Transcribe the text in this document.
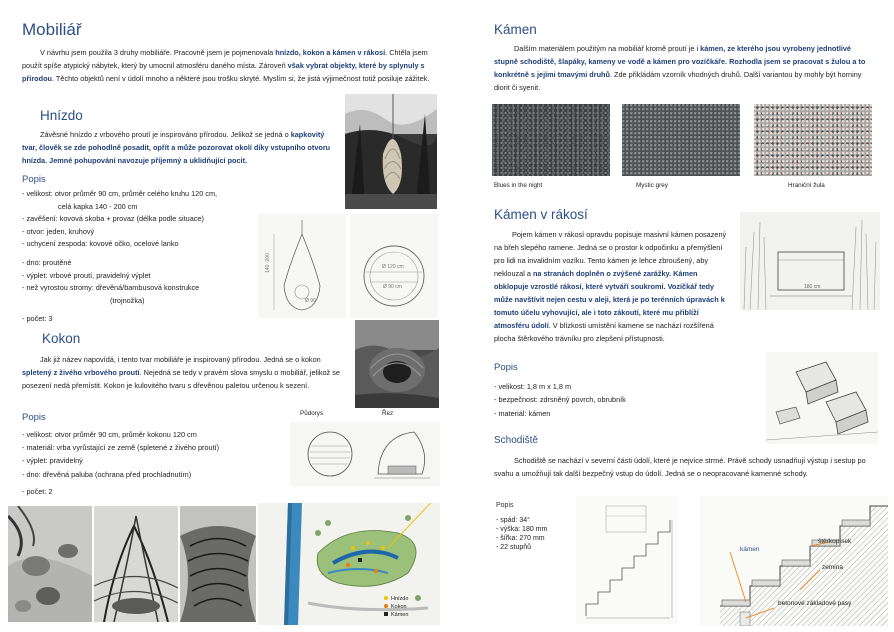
Mobiliář

V návrhu jsem použila 3 druhy mobiliáře. Pracovně jsem je pojmenovala hnízdo, kokon a kámen v rákosí. Chtěla jsem použít spíše atypický nábytek, který by umocnil atmosféru daného místa. Zároveň však vybrat objekty, které by splynuly s přírodou. Těchto objektů není v údolí mnoho a některé jsou trošku skryté. Myslím si, že jistá výjimečnost totiž posiluje zážitek.

Hnízdo

Závěsné hnízdo z vrbového proutí je inspirováno přírodou. Jelikož se jedná o kapkovitý tvar, člověk se zde pohodlně posadit, opřít a může pozorovat okolí díky vstupního otvoru hnízda. Jemné pohupování navozuje příjemný a uklidňující pocit.

Popis
- velikost: otvor průměr 90 cm, průměr celého kruhu 120 cm,
celá kapka 140 - 200 cm
- zavěšení: kovová skoba + provaz (délka podle situace)
- otvor: jeden, kruhový
- uchycení zespoda: kovové očko, ocelové lanko
- dno: proutěné
- výplet: vrbové proutí, pravidelný výplet
- než vyrostou stromy: dřevěná/bambusová konstrukce
(trojnožka)
- počet: 3
140 -200
Ø 90
Ø 120 cm
Ø 90 cm
Kokon

Jak již název napovídá, i tento tvar mobiliáře je inspirovaný přírodou. Jedná se o kokon spletený z živého vrbového proutí. Nejedná se tedy v pravém slova smyslu o mobiliář, jelikož se posezení nedá přemístit. Kokon je kulovitého tvaru s dřevěnou paletou určenou k sezení.

Popis
- velikost: otvor průměr 90 cm, průměr kokonu 120 cm
- materiál: vrba vyrůstající ze země (spletené z živého proutí)
- výplet: pravidelný
- dno: dřevěná paluba (ochrana před prochladnutím)
- počet: 2
Půdorys	Řez
Hnízdo
Kokon
Kámen
Kámen

Dalším materiálem použitým na mobiliář kromě proutí je i kámen, ze kterého jsou vyrobeny jednotlivé stupně schodiště, šlapáky, kameny ve vodě a kámen pro vozíčkáře. Rozhodla jsem se pracovat s žulou a to konkrétně s jejími tmavými druhů. Zde přikládám vzorník vhodných druhů. Další variantou by mohly být horniny diorit či syenit.

Blues in the night	Mystic grey	Hraniční žula
Kámen v rákosí

Pojem kámen v rákosí opravdu popisuje masivní kámen posazený na břeh slepého ramene. Jedná se o prostor k odpočinku a přemýšlení pro lidi na invalidním vozíku. Tento kámen je lehce zbroušený, aby neklouzal a na stranách doplněn o zvýšené zarážky. Kámen obklopuje vzrostlé rákosí, které vytváří soukromí. Vozíčkář tedy může navštívit nejen cestu v aleji, která je po terénních úpravách k tomuto účelu vyhovující, ale i toto zákoutí, které mu přiblíží atmosféru údolí. V blízkosti umístění kamene se nachází rozšířená plocha štěrkového trávníku pro zlepšení přístupnosti.

180 cm
Popis
- velikost: 1,8 m x 1,8 m
- bezpečnost: zdrsněný povrch, obrubník
- materiál: kámen
Schodiště

Schodiště se nachází v severní části údolí, které je nejvíce strmé. Právě schody usnadňují výstup i sestup po svahu a umožňují tak další bezpečný vstup do údolí. Jedná se o neopracované kamenné schody.

Popis
- spád: 34°
- výška: 180 mm
- šířka: 270 mm
- 22 stupňů	kámen
štěrkopísek
zemina
betonové základové pasy
